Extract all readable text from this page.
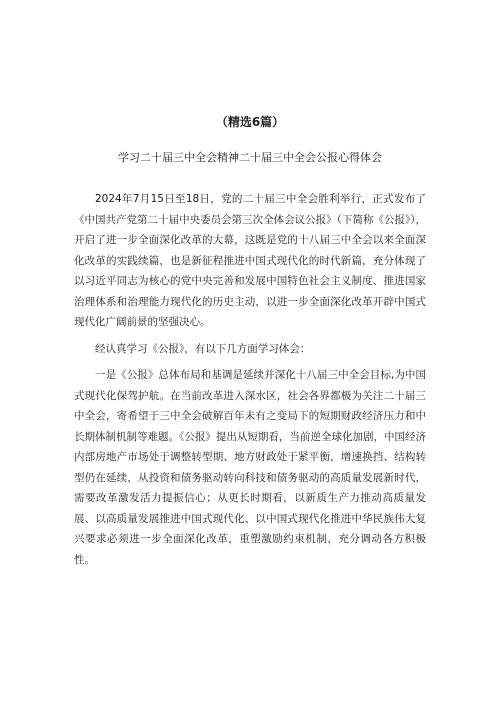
（精选6篇）
学习二十届三中全会精神二十届三中全会公报心得体会

2024年7月15日至18日，党的二十届三中全会胜利举行，正式发布了《中国共产党第二十届中央委员会第三次全体会议公报》（下简称《公报》），开启了进一步全面深化改革的大幕，这既是党的十八届三中全会以来全面深化改革的实践续篇，也是新征程推进中国式现代化的时代新篇，充分体现了以习近平同志为核心的党中央完善和发展中国特色社会主义制度、推进国家治理体系和治理能力现代化的历史主动，以进一步全面深化改革开辟中国式现代化广阔前景的坚强决心。

经认真学习《公报》，有以下几方面学习体会：

一是《公报》总体布局和基调是延续并深化十八届三中全会目标,为中国式现代化保驾护航。在当前改革进入深水区，社会各界都极为关注二十届三中全会，寄希望于三中全会破解百年未有之变局下的短期财政经济压力和中长期体制机制等难题。《公报》提出从短期看，当前逆全球化加剧，中国经济内部房地产市场处于调整转型期、地方财政处于紧平衡，增速换挡、结构转型仍在延续，从投资和债务驱动转向科技和债务驱动的高质量发展新时代，需要改革激发活力提振信心；从更长时期看，以新质生产力推动高质量发展、以高质量发展推进中国式现代化、以中国式现代化推进中华民族伟大复兴要求必须进一步全面深化改革，重塑激励约束机制，充分调动各方积极性。
